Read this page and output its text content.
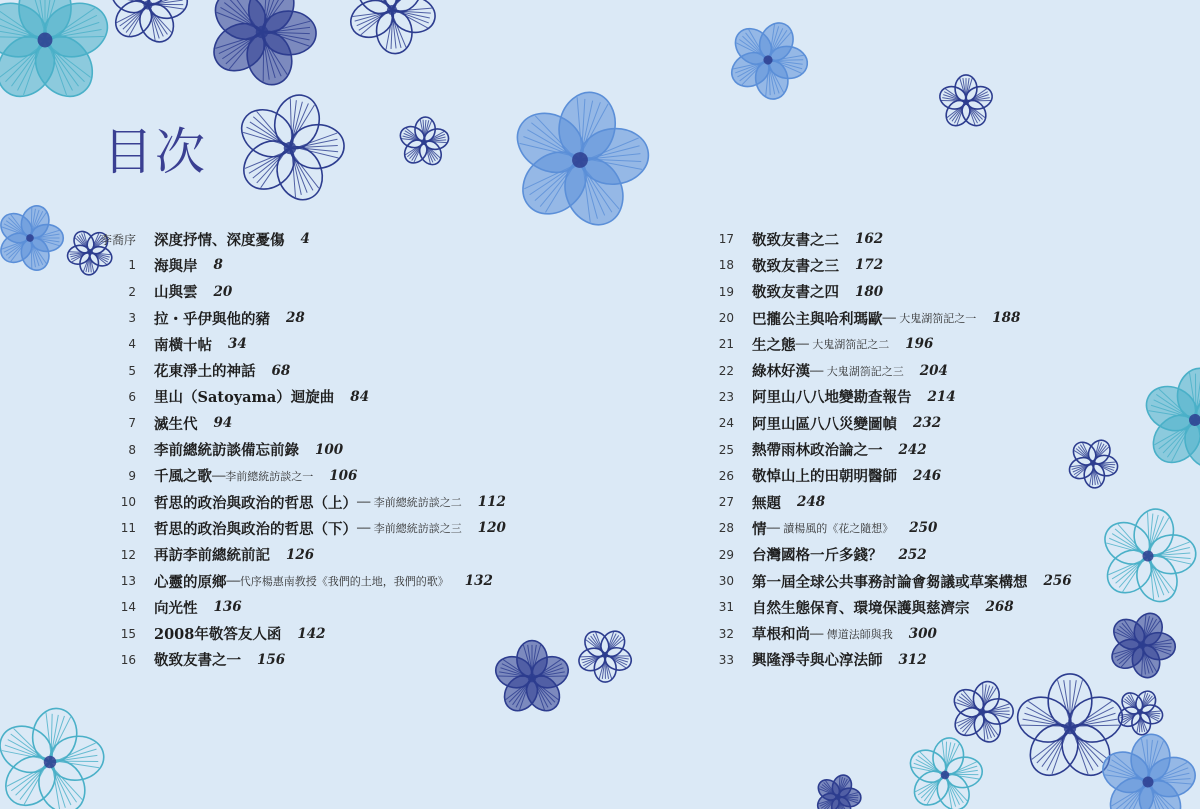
目次
李喬序	深度抒情、深度憂傷 4
1	海與岸 8
2	山與雲 20
3	拉・乎伊與他的豬 28
4	南橫十帖 34
5	花東淨土的神話 68
6	里山（Satoyama）迴旋曲 84
7	滅生代 94
8	李前總統訪談備忘前錄 100
9	千風之歌 ──李前總統訪談之一 106
10	哲思的政治與政治的哲思（上） ── 李前總統訪談之二 112
11	哲思的政治與政治的哲思（下） ── 李前總統訪談之三 120
12	再訪李前總統前記 126
13	心靈的原鄉 ──代序楊惠南教授《我們的土地，我們的歌》 132
14	向光性 136
15	2008年敬答友人函 142
16	敬致友書之一 156
17	敬致友書之二 162
18	敬致友書之三 172
19	敬致友書之四 180
20	巴攏公主與哈利瑪歐 ── 大鬼湖箚記之一 188
21	生之態 ── 大鬼湖箚記之二 196
22	綠林好漢 ── 大鬼湖箚記之三 204
23	阿里山八八地變勘查報告 214
24	阿里山區八八災變圖幀 232
25	熱帶雨林政治論之一 242
26	敬悼山上的田朝明醫師 246
27	無題 248
28	情 ── 讀楊風的《花之隨想》 250
29	台灣國格一斤多錢？ 252
30	第一屆全球公共事務討論會芻議或草案構想 256
31	自然生態保育、環境保護與慈濟宗 268
32	草根和尚 ── 傳道法師與我 300
33	興隆淨寺與心淳法師 312
